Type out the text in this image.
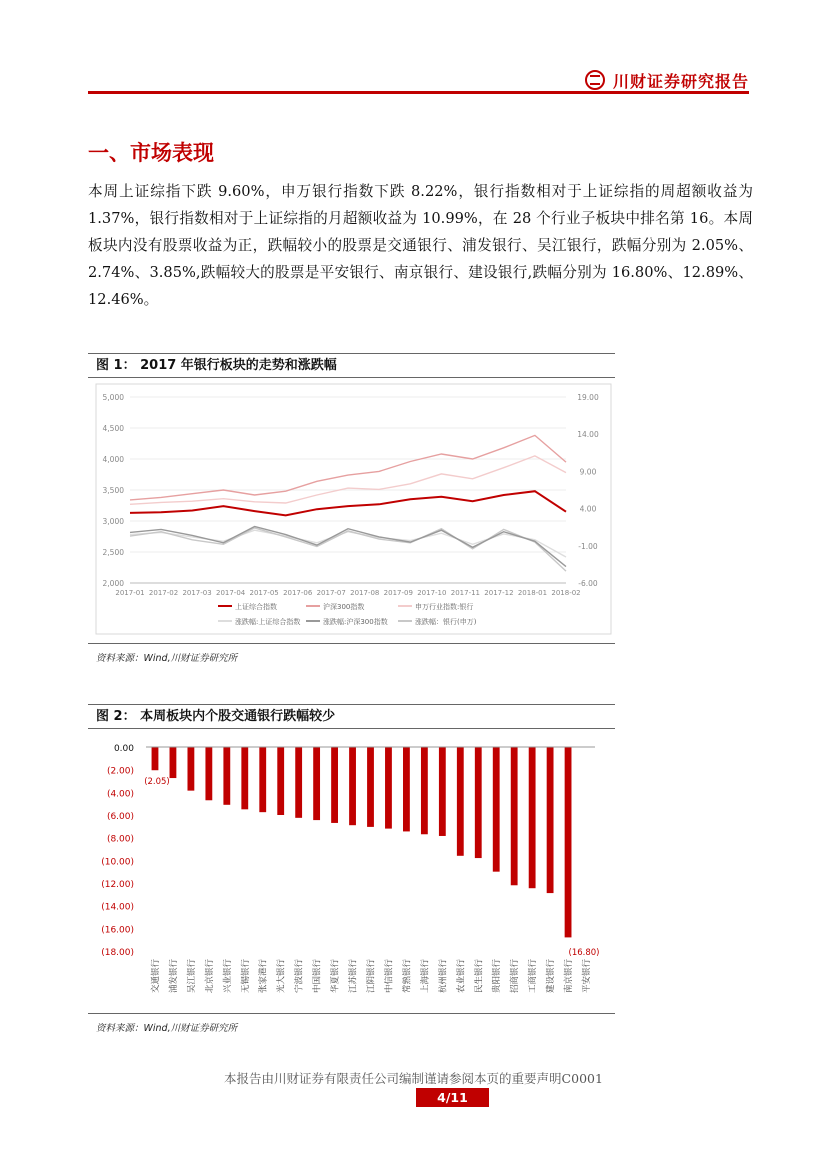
川财证券研究报告
一、市场表现

本周上证综指下跌 9.60%，申万银行指数下跌 8.22%，银行指数相对于上证综指的周超额收益为 1.37%，银行指数相对于上证综指的月超额收益为 10.99%，在 28 个行业子板块中排名第 16。本周板块内没有股票收益为正，跌幅较小的股票是交通银行、浦发银行、吴江银行，跌幅分别为 2.05%、2.74%、3.85%,跌幅较大的股票是平安银行、南京银行、建设银行,跌幅分别为 16.80%、12.89%、12.46%。

图 1： 2017 年银行板块的走势和涨跌幅
2,000
2,500
3,000
3,500
4,000
4,500
5,000
-6.00
-1.00
4.00
9.00
14.00
19.00
2017-01 2017-02 2017-03 2017-04 2017-05 2017-06 2017-07 2017-08 2017-09 2017-10 2017-11 2017-12 2018-01 2018-02
上证综合指数	沪深300指数	申万行业指数:银行
涨跌幅:上证综合指数	涨跌幅:沪深300指数	涨跌幅：银行(申万)
资料来源：Wind,川财证券研究所
图 2： 本周板块内个股交通银行跌幅较少
0.00
(2.00)
(4.00)
(6.00)
(8.00)
(10.00)
(12.00)
(14.00)
(16.00)
(18.00)
交通银行 浦发银行 吴江银行 北京银行 兴业银行 无锡银行 张家港行 光大银行 宁波银行 中国银行 华夏银行 江苏银行 江阴银行 中信银行 常熟银行 上海银行 杭州银行 农业银行 民生银行 贵阳银行 招商银行 工商银行 建设银行 南京银行 平安银行
(2.05)
(16.80)
资料来源：Wind,川财证券研究所
本报告由川财证券有限责任公司编制谨请参阅本页的重要声明C0001
4/11
